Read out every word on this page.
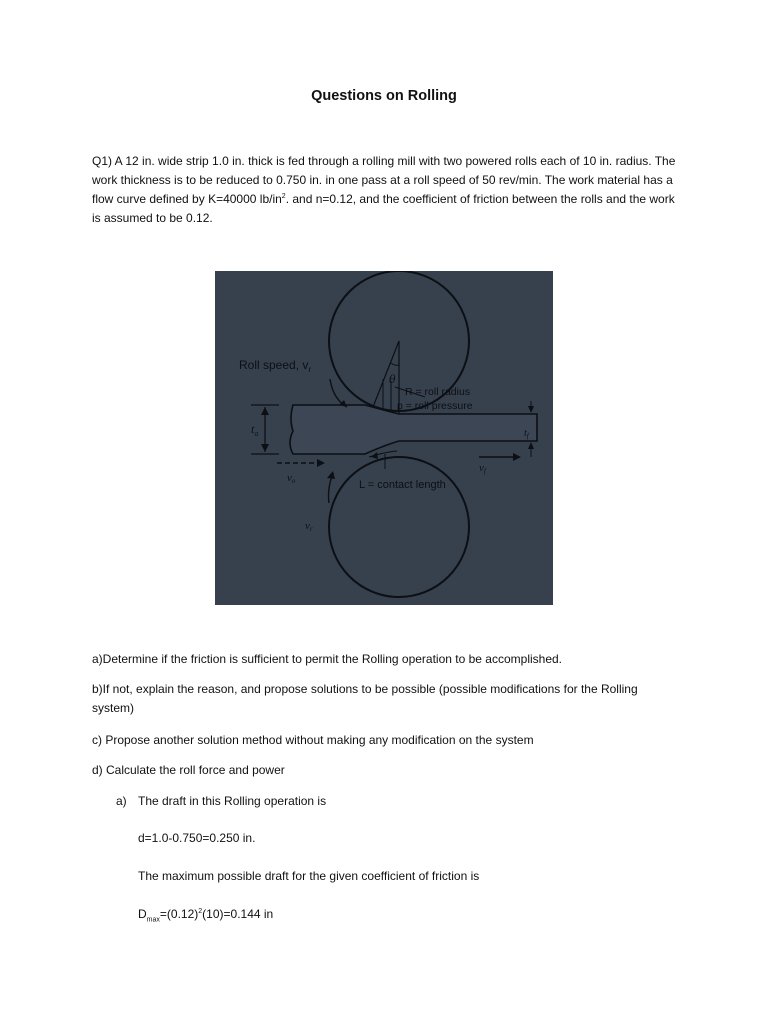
Questions on Rolling
Q1) A 12 in. wide strip 1.0 in. thick is fed through a rolling mill with two powered rolls each of 10 in. radius. The work thickness is to be reduced to 0.750 in. in one pass at a roll speed of 50 rev/min. The work material has a flow curve defined by K=40000 $lb/in^2$. and n=0.12, and the coefficient of friction between the rolls and the work is assumed to be 0.12.
Roll speed, $v_r$
θ
R = roll radius
p = roll pressure
$t_o$	$t_f$
vf
vo
vr
L = contact length
a)Determine if the friction is sufficient to permit the Rolling operation to be accomplished.
b)If not, explain the reason, and propose solutions to be possible (possible modifications for the Rolling system)
c) Propose another solution method without making any modification on the system
d) Calculate the roll force and power
a) The draft in this Rolling operation is
d=1.0-0.750=0.250 in.
The maximum possible draft for the given coefficient of friction is
$D_{max}=(0.12)^2(10)=0.144$ in
